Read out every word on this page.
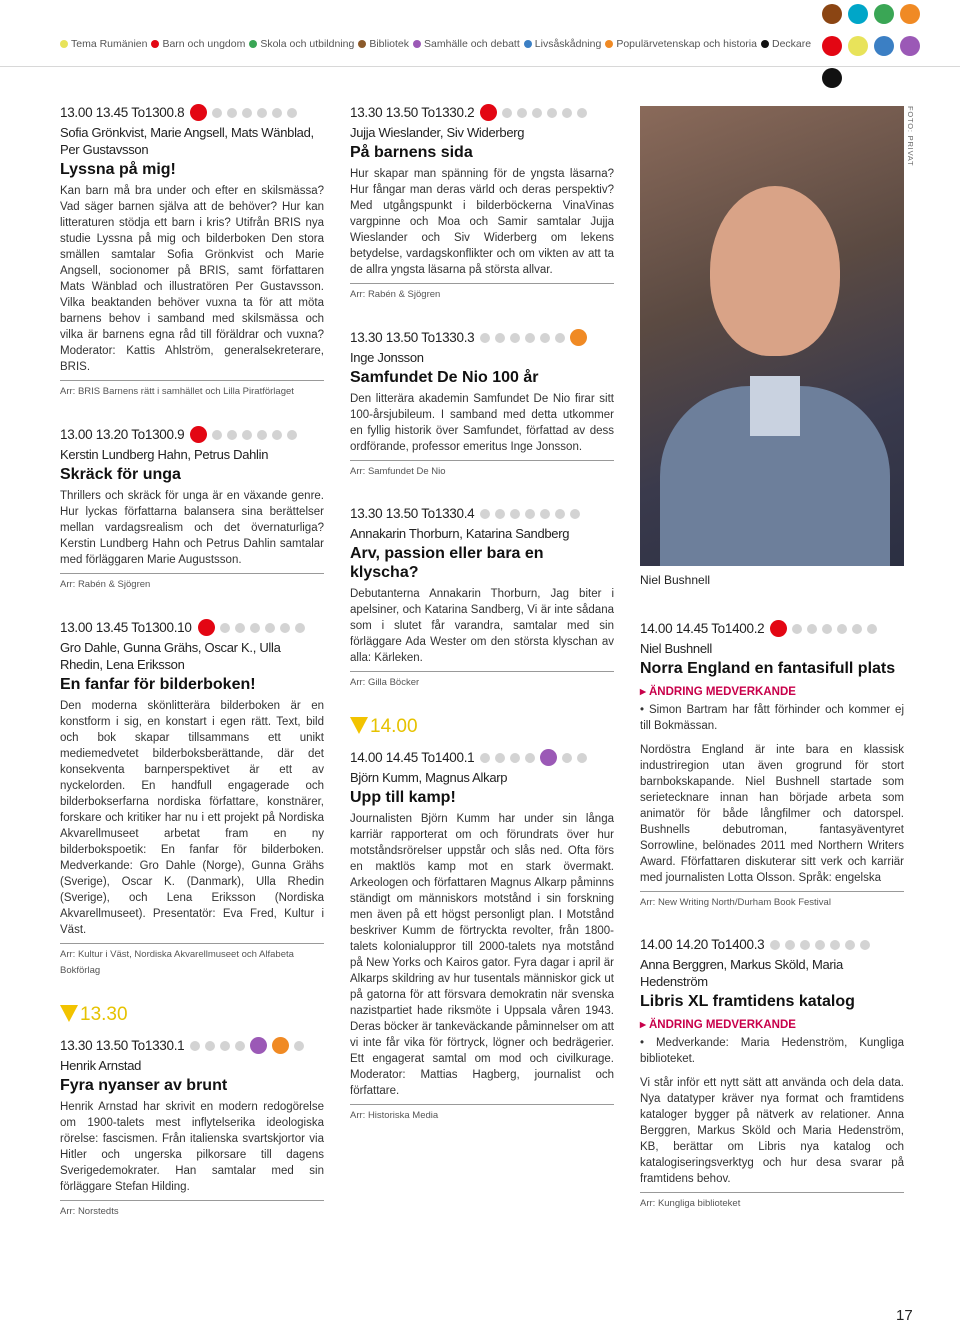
Tema Rumänien Barn och ungdom Skola och utbildning Bibliotek Samhälle och debatt Livsåskådning Populärvetenskap och historia Deckare
13.00 13.45 To1300.8
Sofia Grönkvist, Marie Angsell, Mats Wänblad, Per Gustavsson
Lyssna på mig!
Kan barn må bra under och efter en skilsmässa? Vad säger barnen själva att de behöver? Hur kan litteraturen stödja ett barn i kris? Utifrån BRIS nya studie Lyssna på mig och bilderboken Den stora smällen samtalar Sofia Grönkvist och Marie Angsell, socionomer på BRIS, samt författaren Mats Wänblad och illustratören Per Gustavsson. Vilka beaktanden behöver vuxna ta för att möta barnens behov i samband med skilsmässa och vilka är barnens egna råd till föräldrar och vuxna? Moderator: Kattis Ahlström, generalsekreterare, BRIS.
Arr: BRIS Barnens rätt i samhället och Lilla Piratförlaget
13.00 13.20 To1300.9
Kerstin Lundberg Hahn, Petrus Dahlin
Skräck för unga
Thrillers och skräck för unga är en växande genre. Hur lyckas författarna balansera sina berättelser mellan vardagsrealism och det övernaturliga? Kerstin Lundberg Hahn och Petrus Dahlin samtalar med förläggaren Marie Augustsson.
Arr: Rabén & Sjögren
13.00 13.45 To1300.10
Gro Dahle, Gunna Grähs, Oscar K., Ulla Rhedin, Lena Eriksson
En fanfar för bilderboken!
Den moderna skönlitterära bilderboken är en konstform i sig, en konstart i egen rätt. Text, bild och bok skapar tillsammans ett unikt mediemedvetet bilderboksberättande, där det konsekventa barnperspektivet är ett av nyckelorden. En handfull engagerade och bilderbokserfarna nordiska författare, konstnärer, forskare och kritiker har nu i ett projekt på Nordiska Akvarellmuseet arbetat fram en ny bilderbokspoetik: En fanfar för bilderboken. Medverkande: Gro Dahle (Norge), Gunna Grähs (Sverige), Oscar K. (Danmark), Ulla Rhedin (Sverige), och Lena Eriksson (Nordiska Akvarellmuseet). Presentatör: Eva Fred, Kultur i Väst.
Arr: Kultur i Väst, Nordiska Akvarellmuseet och Alfabeta Bokförlag
13.30
13.30 13.50 To1330.1
Henrik Arnstad
Fyra nyanser av brunt
Henrik Arnstad har skrivit en modern redogörelse om 1900-talets mest inflytelserika ideologiska rörelse: fascismen. Från italienska svartskjortor via Hitler och ungerska pilkorsare till dagens Sverigedemokrater. Han samtalar med sin förläggare Stefan Hilding.
Arr: Norstedts
13.30 13.50 To1330.2
Jujja Wieslander, Siv Widerberg
På barnens sida
Hur skapar man spänning för de yngsta läsarna? Hur fångar man deras värld och deras perspektiv? Med utgångspunkt i bilderböckerna VinaVinas vargpinne och Moa och Samir samtalar Jujja Wieslander och Siv Widerberg om lekens betydelse, vardagskonflikter och om vikten av att ta de allra yngsta läsarna på största allvar.
Arr: Rabén & Sjögren
13.30 13.50 To1330.3
Inge Jonsson
Samfundet De Nio 100 år
Den litterära akademin Samfundet De Nio firar sitt 100-årsjubileum. I samband med detta utkommer en fyllig historik över Samfundet, författad av dess ordförande, professor emeritus Inge Jonsson.
Arr: Samfundet De Nio
13.30 13.50 To1330.4
Annakarin Thorburn, Katarina Sandberg
Arv, passion eller bara en klyscha?
Debutanterna Annakarin Thorburn, Jag biter i apelsiner, och Katarina Sandberg, Vi är inte sådana som i slutet får varandra, samtalar med sin förläggare Ada Wester om den största klyschan av alla: Kärleken.
Arr: Gilla Böcker
14.00
14.00 14.45 To1400.1
Björn Kumm, Magnus Alkarp
Upp till kamp!
Journalisten Björn Kumm har under sin långa karriär rapporterat om och förundrats över hur motståndsrörelser uppstår och slås ned. Ofta förs en maktlös kamp mot en stark övermakt. Arkeologen och författaren Magnus Alkarp påminns ständigt om människors motstånd i sin forskning men även på ett högst personligt plan. I Motstånd beskriver Kumm de förtryckta revolter, från 1800-talets kolonialuppror till 2000-talets nya motstånd på New Yorks och Kairos gator. Fyra dagar i april är Alkarps skildring av hur tusentals människor gick ut på gatorna för att försvara demokratin när svenska nazistpartiet hade riksmöte i Uppsala våren 1943. Deras böcker är tankeväckande påminnelser om att vi inte får vika för förtryck, lögner och bedrägerier. Ett engagerat samtal om mod och civilkurage. Moderator: Mattias Hagberg, journalist och författare.
Arr: Historiska Media
FOTO: PRIVAT
Niel Bushnell
14.00 14.45 To1400.2
Niel Bushnell
Norra England en fantasifull plats
▸ ÄNDRING MEDVERKANDE
• Simon Bartram har fått förhinder och kommer ej till Bokmässan.
Nordöstra England är inte bara en klassisk industriregion utan även grogrund för stort barnbokskapande. Niel Bushnell startade som serietecknare innan han började arbeta som animatör för både långfilmer och datorspel. Bushnells debutroman, fantasyäventyret Sorrowline, belönades 2011 med Northern Writers Award. Fförfattaren diskuterar sitt verk och karriär med journalisten Lotta Olsson. Språk: engelska
Arr: New Writing North/Durham Book Festival
14.00 14.20 To1400.3
Anna Berggren, Markus Sköld, Maria Hedenström
Libris XL framtidens katalog
▸ ÄNDRING MEDVERKANDE
• Medverkande: Maria Hedenström, Kungliga biblioteket.
Vi står inför ett nytt sätt att använda och dela data. Nya datatyper kräver nya format och framtidens kataloger bygger på nätverk av relationer. Anna Berggren, Markus Sköld och Maria Hedenström, KB, berättar om Libris nya katalog och katalogiseringsverktyg och hur desa svarar på framtidens behov.
Arr: Kungliga biblioteket
17
